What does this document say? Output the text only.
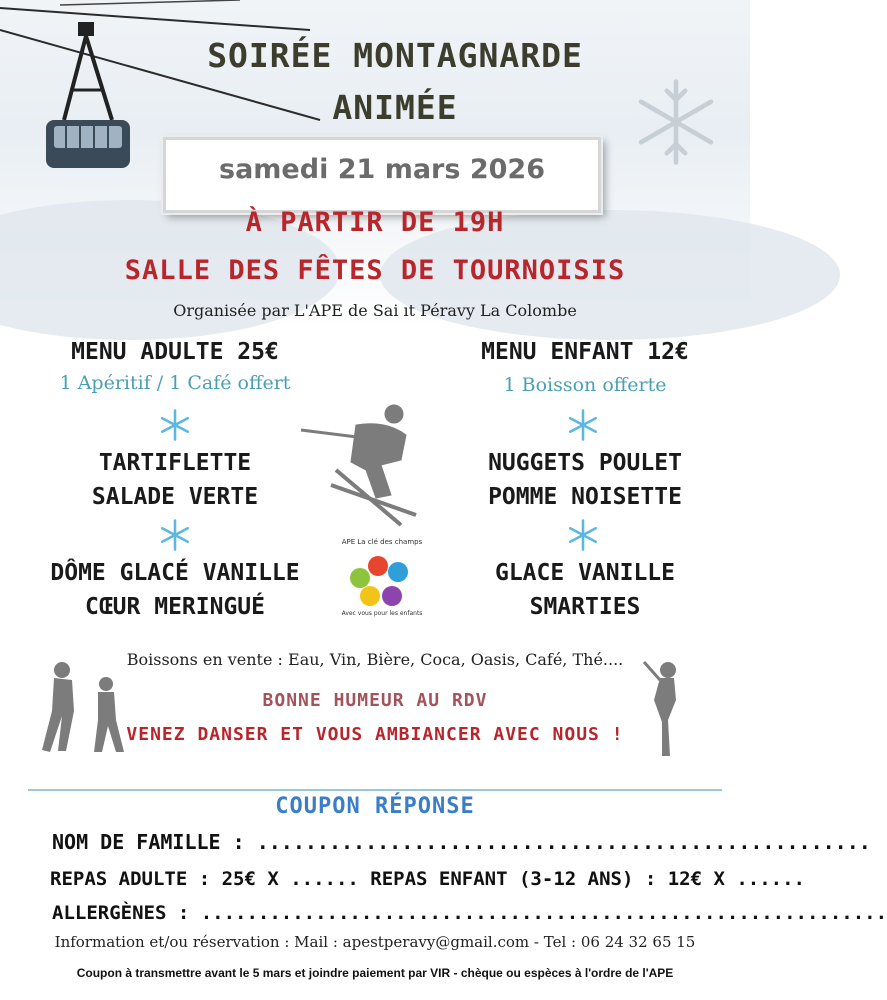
SOIRÉE MONTAGNARDE
ANIMÉE
samedi 21 mars 2026
À PARTIR DE 19H
SALLE DES FÊTES DE TOURNOISIS
Organisée par L'APE de Sai ıt Péravy La Colombe
MENU ADULTE 25€
1 Apéritif / 1 Café offert
TARTIFLETTE
SALADE VERTE
DÔME GLACÉ VANILLE
CŒUR MERINGUÉ
MENU ENFANT 12€
1 Boisson offerte
NUGGETS POULET
POMME NOISETTE
GLACE VANILLE
SMARTIES
APE La clé des champs
Avec vous pour les enfants
Boissons en vente : Eau, Vin, Bière, Coca, Oasis, Café, Thé....
BONNE HUMEUR AU RDV
VENEZ DANSER ET VOUS AMBIANCER AVEC NOUS !
COUPON RÉPONSE
NOM DE FAMILLE : ...................................................
REPAS ADULTE : 25€ X ...... REPAS ENFANT (3-12 ANS) : 12€ X ......
ALLERGÈNES : ............................................................
Information et/ou réservation : Mail : apestperavy@gmail.com - Tel : 06 24 32 65 15
Coupon à transmettre avant le 5 mars et joindre paiement par VIR - chèque ou espèces à l'ordre de l'APE
